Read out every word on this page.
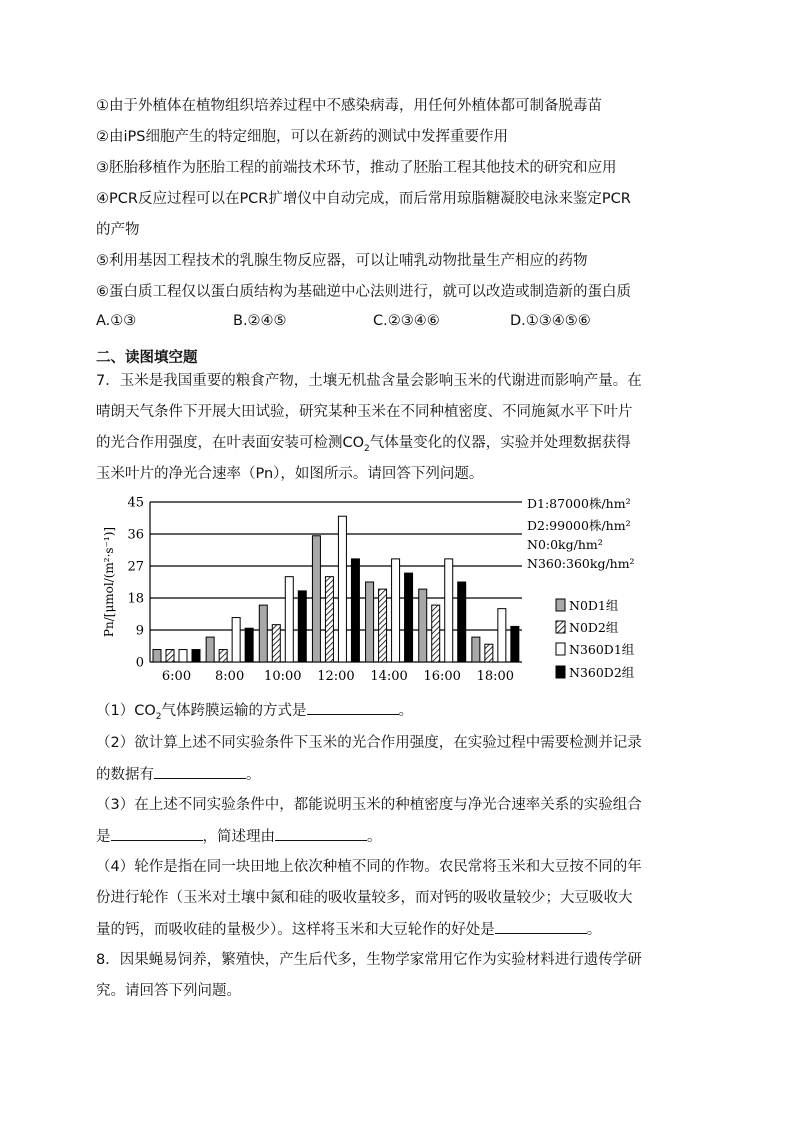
①由于外植体在植物组织培养过程中不感染病毒，用任何外植体都可制备脱毒苗
②由iPS细胞产生的特定细胞，可以在新药的测试中发挥重要作用
③胚胎移植作为胚胎工程的前端技术环节，推动了胚胎工程其他技术的研究和应用
④PCR反应过程可以在PCR扩增仪中自动完成，而后常用琼脂糖凝胶电泳来鉴定PCR
的产物
⑤利用基因工程技术的乳腺生物反应器，可以让哺乳动物批量生产相应的药物
⑥蛋白质工程仅以蛋白质结构为基础逆中心法则进行，就可以改造或制造新的蛋白质
A.①③	B.②④⑤	C.②③④⑥	D.①③④⑤⑥
二、读图填空题
7．玉米是我国重要的粮食产物，土壤无机盐含量会影响玉米的代谢进而影响产量。在
晴朗天气条件下开展大田试验，研究某种玉米在不同种植密度、不同施氮水平下叶片
的光合作用强度，在叶表面安装可检测$CO_2$气体量变化的仪器，实验并处理数据获得
玉米叶片的净光合速率（Pn），如图所示。请回答下列问题。
0
9
18
27
36
45
Pn/[μmol/(m²·s⁻¹)]
6:00 8:00 10:00 12:00 14:00 16:00 18:00
D1:87000株/hm²
D2:99000株/hm²
N0:0kg/hm²
N360:360kg/hm²
N0D1组
N0D2组
N360D1组
N360D2组
$(1)CO_2$气体跨膜运输的方式是	。
（2）欲计算上述不同实验条件下玉米的光合作用强度，在实验过程中需要检测并记录
的数据有	。
（3）在上述不同实验条件中，都能说明玉米的种植密度与净光合速率关系的实验组合
是	，简述理由	。
（4）轮作是指在同一块田地上依次种植不同的作物。农民常将玉米和大豆按不同的年
份进行轮作（玉米对土壤中氮和硅的吸收量较多，而对钙的吸收量较少；大豆吸收大
量的钙，而吸收硅的量极少）。这样将玉米和大豆轮作的好处是	。
8．因果蝇易饲养，繁殖快，产生后代多，生物学家常用它作为实验材料进行遗传学研
究。请回答下列问题。
